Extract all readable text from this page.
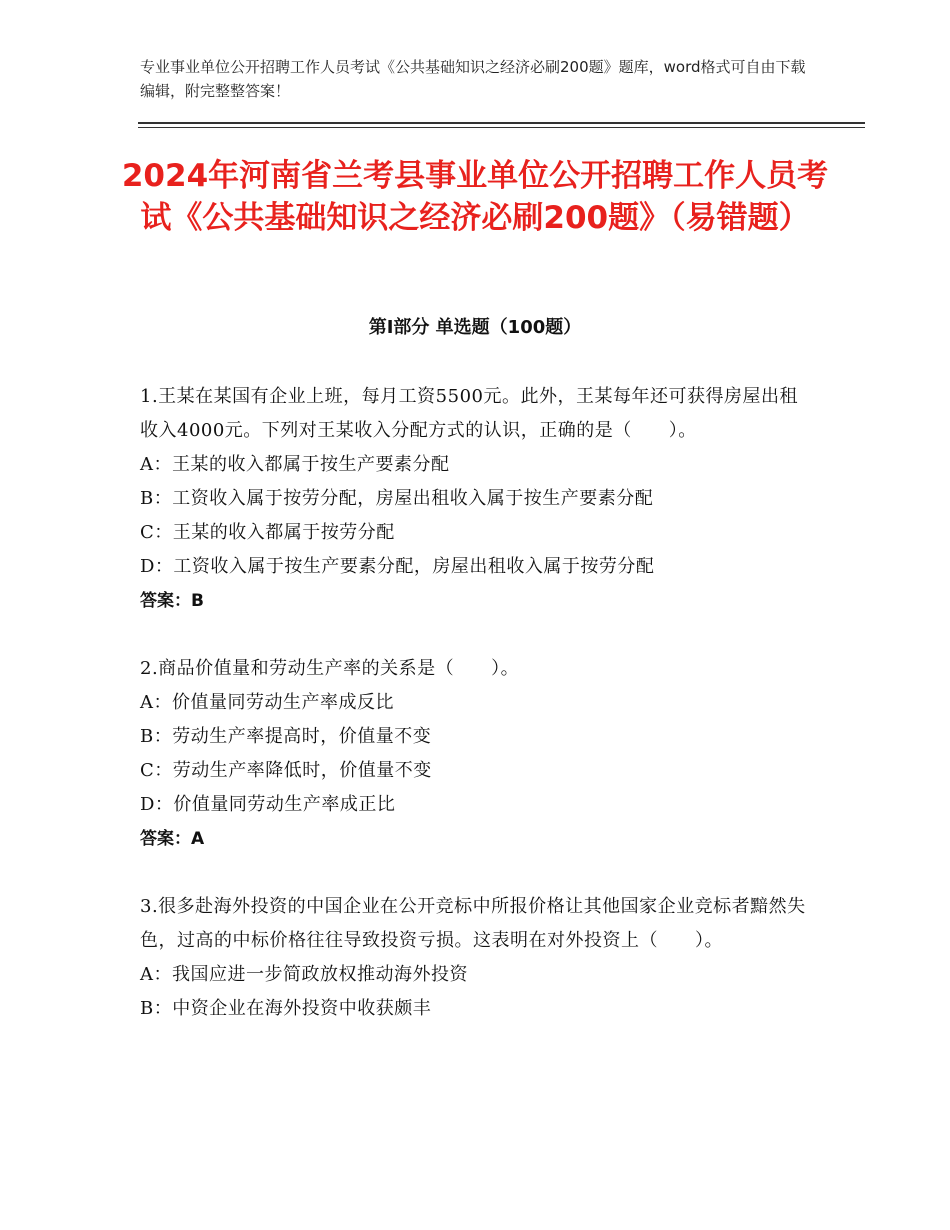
专业事业单位公开招聘工作人员考试《公共基础知识之经济必刷200题》题库，word格式可自由下载编辑，附完整整答案！
2024年河南省兰考县事业单位公开招聘工作人员考试《公共基础知识之经济必刷200题》（易错题）
第Ⅰ部分 单选题（100题）

1.王某在某国有企业上班，每月工资5500元。此外，王某每年还可获得房屋出租收入4000元。下列对王某收入分配方式的认识，正确的是（　　）。

A：王某的收入都属于按生产要素分配

B：工资收入属于按劳分配，房屋出租收入属于按生产要素分配

C：王某的收入都属于按劳分配

D：工资收入属于按生产要素分配，房屋出租收入属于按劳分配

答案：B

2.商品价值量和劳动生产率的关系是（　　）。

A：价值量同劳动生产率成反比

B：劳动生产率提高时，价值量不变

C：劳动生产率降低时，价值量不变

D：价值量同劳动生产率成正比

答案：A

3.很多赴海外投资的中国企业在公开竞标中所报价格让其他国家企业竞标者黯然失色，过高的中标价格往往导致投资亏损。这表明在对外投资上（　　）。

A：我国应进一步简政放权推动海外投资

B：中资企业在海外投资中收获颇丰
